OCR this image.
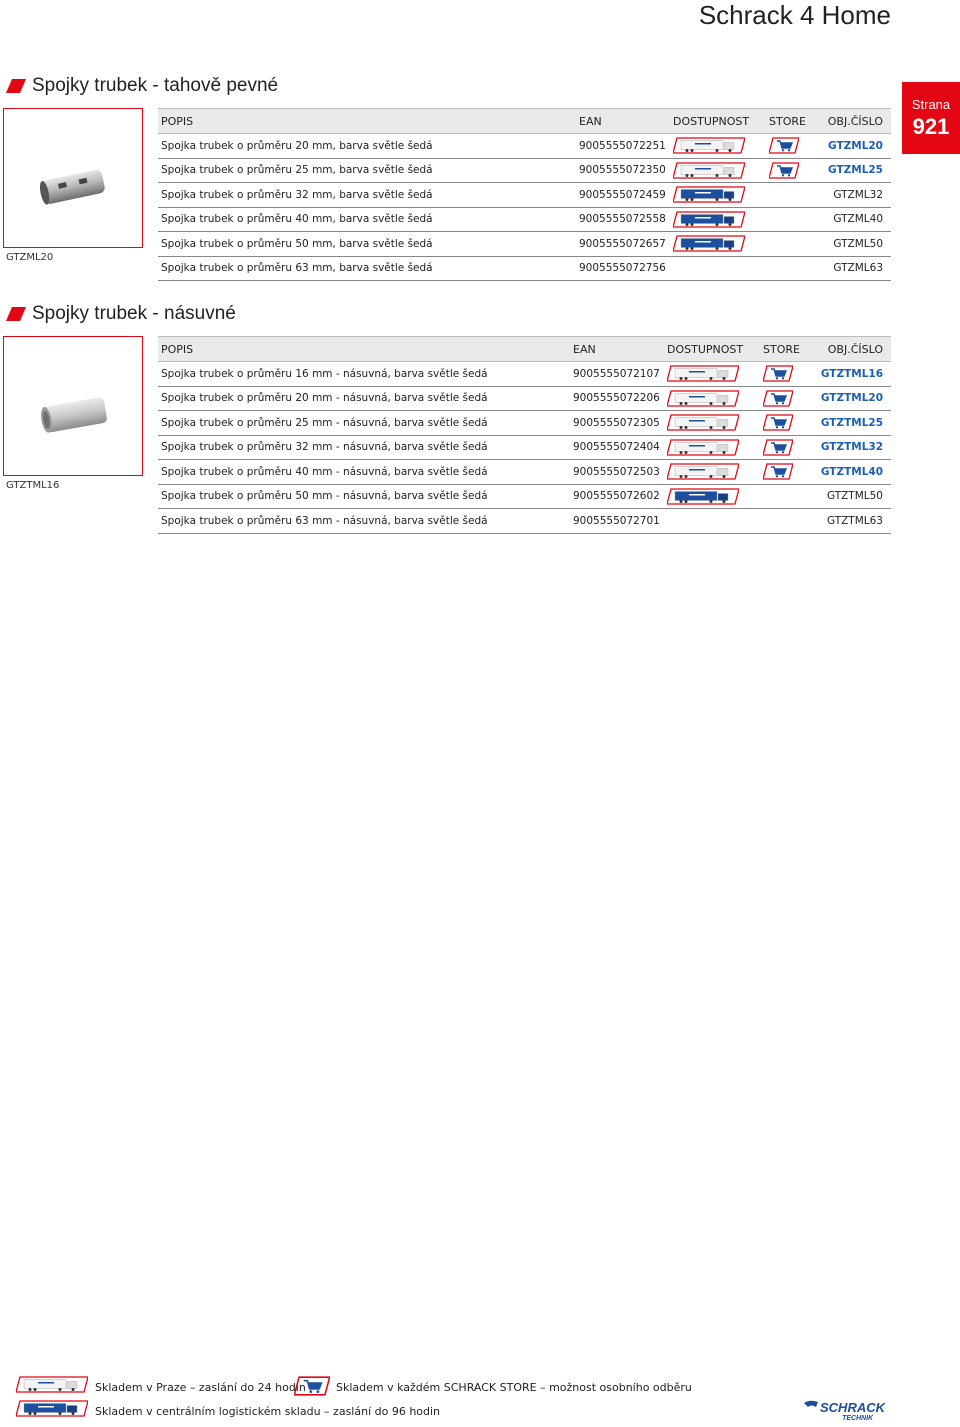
Schrack 4 Home
Strana
921
Spojky trubek - tahově pevné
GTZML20
POPIS	EAN	DOSTUPNOST	STORE	OBJ.ČÍSLO
Spojka trubek o průměru 20 mm, barva světle šedá	9005555072251			GTZML20
Spojka trubek o průměru 25 mm, barva světle šedá	9005555072350			GTZML25
Spojka trubek o průměru 32 mm, barva světle šedá	9005555072459			GTZML32
Spojka trubek o průměru 40 mm, barva světle šedá	9005555072558			GTZML40
Spojka trubek o průměru 50 mm, barva světle šedá	9005555072657			GTZML50
Spojka trubek o průměru 63 mm, barva světle šedá	9005555072756			GTZML63
Spojky trubek - násuvné
GTZTML16
POPIS	EAN	DOSTUPNOST	STORE	OBJ.ČÍSLO
Spojka trubek o průměru 16 mm - násuvná, barva světle šedá	9005555072107			GTZTML16
Spojka trubek o průměru 20 mm - násuvná, barva světle šedá	9005555072206			GTZTML20
Spojka trubek o průměru 25 mm - násuvná, barva světle šedá	9005555072305			GTZTML25
Spojka trubek o průměru 32 mm - násuvná, barva světle šedá	9005555072404			GTZTML32
Spojka trubek o průměru 40 mm - násuvná, barva světle šedá	9005555072503			GTZTML40
Spojka trubek o průměru 50 mm - násuvná, barva světle šedá	9005555072602			GTZTML50
Spojka trubek o průměru 63 mm - násuvná, barva světle šedá	9005555072701			GTZTML63
Skladem v Praze – zaslání do 24 hodin	Skladem v každém SCHRACK STORE – možnost osobního odběru
Skladem v centrálním logistickém skladu – zaslání do 96 hodin	SCHRACK
TECHNIK
